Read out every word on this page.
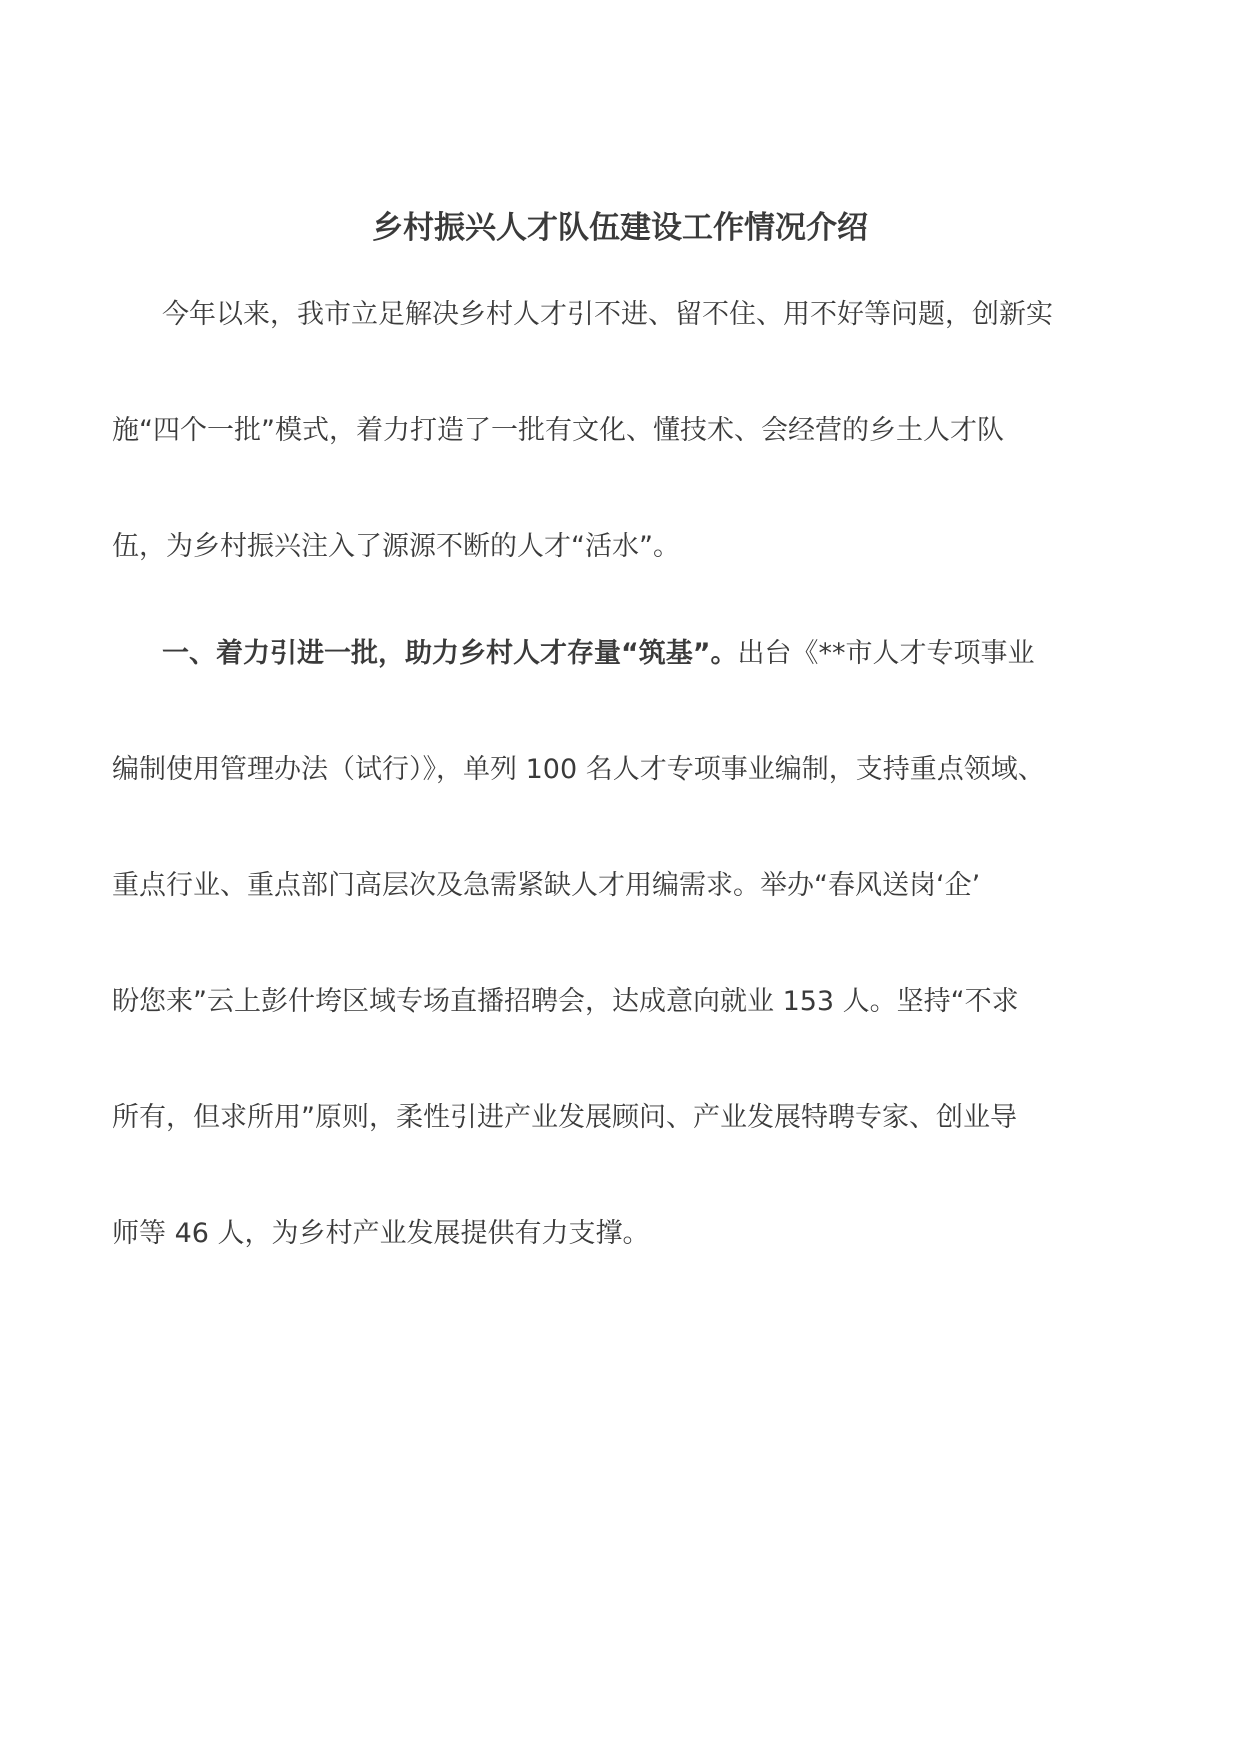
乡村振兴人才队伍建设工作情况介绍

今年以来，我市立足解决乡村人才引不进、留不住、用不好等问题，创新实

施“四个一批”模式，着力打造了一批有文化、懂技术、会经营的乡土人才队

伍，为乡村振兴注入了源源不断的人才“活水”。

一、着力引进一批，助力乡村人才存量“筑基”。出台《**市人才专项事业

编制使用管理办法（试行）》，单列 100 名人才专项事业编制，支持重点领域、

重点行业、重点部门高层次及急需紧缺人才用编需求。举办“春风送岗‘企’

盼您来”云上彭什垮区域专场直播招聘会，达成意向就业 153 人。坚持“不求

所有，但求所用”原则，柔性引进产业发展顾问、产业发展特聘专家、创业导

师等 46 人，为乡村产业发展提供有力支撑。
